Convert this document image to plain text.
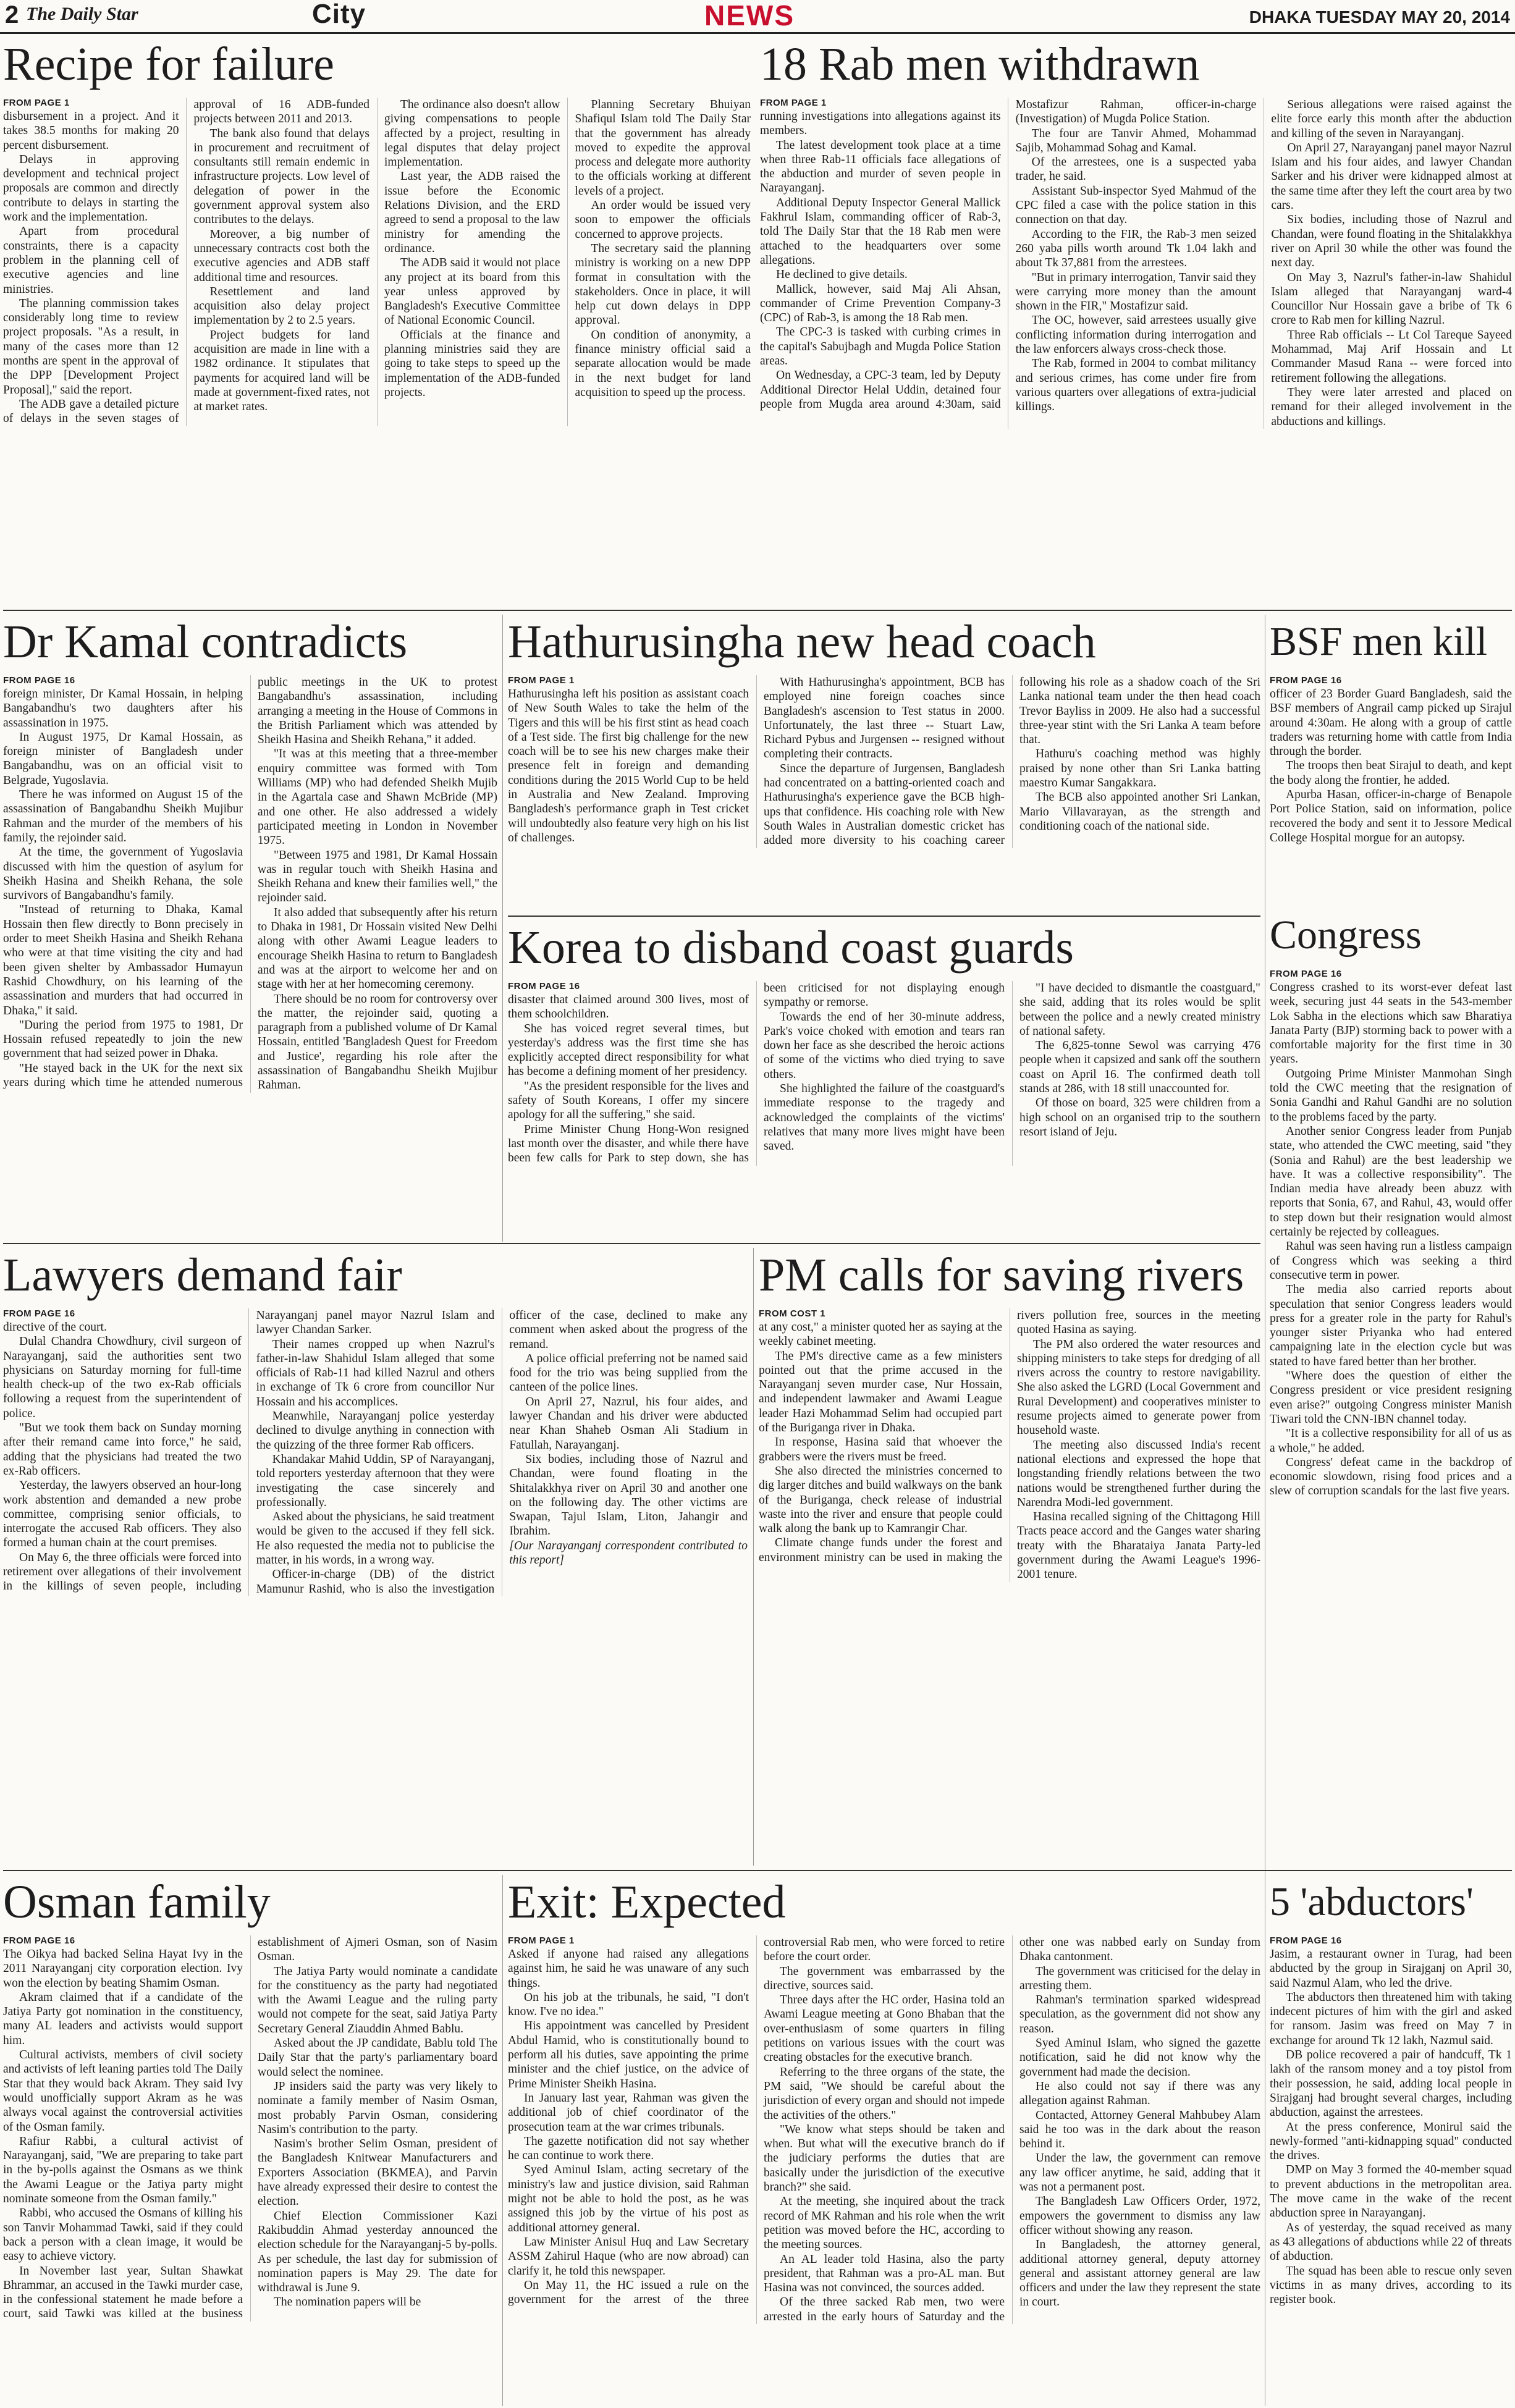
2 The Daily Star	City	NEWS	DHAKA TUESDAY MAY 20, 2014
Recipe for failure

FROM PAGE 1

disbursement in a project. And it takes 38.5 months for making 20 percent disbursement.

Delays in approving development and technical project proposals are common and directly contribute to delays in starting the work and the implementation.

Apart from procedural constraints, there is a capacity problem in the planning cell of executive agencies and line ministries.

The planning commission takes considerably long time to review project proposals. "As a result, in many of the cases more than 12 months are spent in the approval of the DPP [Development Project Proposal]," said the report.

The ADB gave a detailed picture of delays in the seven stages of approval of 16 ADB-funded projects between 2011 and 2013.

The bank also found that delays in procurement and recruitment of consultants still remain endemic in infrastructure projects. Low level of delegation of power in the government approval system also contributes to the delays.

Moreover, a big number of unnecessary contracts cost both the executive agencies and ADB staff additional time and resources.

Resettlement and land acquisition also delay project implementation by 2 to 2.5 years.

Project budgets for land acquisition are made in line with a 1982 ordinance. It stipulates that payments for acquired land will be made at government-fixed rates, not at market rates.

The ordinance also doesn't allow giving compensations to people affected by a project, resulting in legal disputes that delay project implementation.

Last year, the ADB raised the issue before the Economic Relations Division, and the ERD agreed to send a proposal to the law ministry for amending the ordinance.

The ADB said it would not place any project at its board from this year unless approved by Bangladesh's Executive Committee of National Economic Council.

Officials at the finance and planning ministries said they are going to take steps to speed up the implementation of the ADB-funded projects.

Planning Secretary Bhuiyan Shafiqul Islam told The Daily Star that the government has already moved to expedite the approval process and delegate more authority to the officials working at different levels of a project.

An order would be issued very soon to empower the officials concerned to approve projects.

The secretary said the planning ministry is working on a new DPP format in consultation with the stakeholders. Once in place, it will help cut down delays in DPP approval.

On condition of anonymity, a finance ministry official said a separate allocation would be made in the next budget for land acquisition to speed up the process.

18 Rab men withdrawn

FROM PAGE 1

running investigations into allegations against its members.

The latest development took place at a time when three Rab-11 officials face allegations of the abduction and murder of seven people in Narayanganj.

Additional Deputy Inspector General Mallick Fakhrul Islam, commanding officer of Rab-3, told The Daily Star that the 18 Rab men were attached to the headquarters over some allegations.

He declined to give details.

Mallick, however, said Maj Ali Ahsan, commander of Crime Prevention Company-3 (CPC) of Rab-3, is among the 18 Rab men.

The CPC-3 is tasked with curbing crimes in the capital's Sabujbagh and Mugda Police Station areas.

On Wednesday, a CPC-3 team, led by Deputy Additional Director Helal Uddin, detained four people from Mugda area around 4:30am, said Mostafizur Rahman, officer-in-charge (Investigation) of Mugda Police Station.

The four are Tanvir Ahmed, Mohammad Sajib, Mohammad Sohag and Kamal.

Of the arrestees, one is a suspected yaba trader, he said.

Assistant Sub-inspector Syed Mahmud of the CPC filed a case with the police station in this connection on that day.

According to the FIR, the Rab-3 men seized 260 yaba pills worth around Tk 1.04 lakh and about Tk 37,881 from the arrestees.

"But in primary interrogation, Tanvir said they were carrying more money than the amount shown in the FIR," Mostafizur said.

The OC, however, said arrestees usually give conflicting information during interrogation and the law enforcers always cross-check those.

The Rab, formed in 2004 to combat militancy and serious crimes, has come under fire from various quarters over allegations of extra-judicial killings.

Serious allegations were raised against the elite force early this month after the abduction and killing of the seven in Narayanganj.

On April 27, Narayanganj panel mayor Nazrul Islam and his four aides, and lawyer Chandan Sarker and his driver were kidnapped almost at the same time after they left the court area by two cars.

Six bodies, including those of Nazrul and Chandan, were found floating in the Shitalakkhya river on April 30 while the other was found the next day.

On May 3, Nazrul's father-in-law Shahidul Islam alleged that Narayanganj ward-4 Councillor Nur Hossain gave a bribe of Tk 6 crore to Rab men for killing Nazrul.

Three Rab officials -- Lt Col Tareque Sayeed Mohammad, Maj Arif Hossain and Lt Commander Masud Rana -- were forced into retirement following the allegations.

They were later arrested and placed on remand for their alleged involvement in the abductions and killings.

Dr Kamal contradicts

FROM PAGE 16

foreign minister, Dr Kamal Hossain, in helping Bangabandhu's two daughters after his assassination in 1975.

In August 1975, Dr Kamal Hossain, as foreign minister of Bangladesh under Bangabandhu, was on an official visit to Belgrade, Yugoslavia.

There he was informed on August 15 of the assassination of Bangabandhu Sheikh Mujibur Rahman and the murder of the members of his family, the rejoinder said.

At the time, the government of Yugoslavia discussed with him the question of asylum for Sheikh Hasina and Sheikh Rehana, the sole survivors of Bangabandhu's family.

"Instead of returning to Dhaka, Kamal Hossain then flew directly to Bonn precisely in order to meet Sheikh Hasina and Sheikh Rehana who were at that time visiting the city and had been given shelter by Ambassador Humayun Rashid Chowdhury, on his learning of the assassination and murders that had occurred in Dhaka," it said.

"During the period from 1975 to 1981, Dr Hossain refused repeatedly to join the new government that had seized power in Dhaka.

"He stayed back in the UK for the next six years during which time he attended numerous public meetings in the UK to protest Bangabandhu's assassination, including arranging a meeting in the House of Commons in the British Parliament which was attended by Sheikh Hasina and Sheikh Rehana," it added.

"It was at this meeting that a three-member enquiry committee was formed with Tom Williams (MP) who had defended Sheikh Mujib in the Agartala case and Shawn McBride (MP) and one other. He also addressed a widely participated meeting in London in November 1975.

"Between 1975 and 1981, Dr Kamal Hossain was in regular touch with Sheikh Hasina and Sheikh Rehana and knew their families well," the rejoinder said.

It also added that subsequently after his return to Dhaka in 1981, Dr Hossain visited New Delhi along with other Awami League leaders to encourage Sheikh Hasina to return to Bangladesh and was at the airport to welcome her and on stage with her at her homecoming ceremony.

There should be no room for controversy over the matter, the rejoinder said, quoting a paragraph from a published volume of Dr Kamal Hossain, entitled 'Bangladesh Quest for Freedom and Justice', regarding his role after the assassination of Bangabandhu Sheikh Mujibur Rahman.

Hathurusingha new head coach

FROM PAGE 1

Hathurusingha left his position as assistant coach of New South Wales to take the helm of the Tigers and this will be his first stint as head coach of a Test side. The first big challenge for the new coach will be to see his new charges make their presence felt in foreign and demanding conditions during the 2015 World Cup to be held in Australia and New Zealand. Improving Bangladesh's performance graph in Test cricket will undoubtedly also feature very high on his list of challenges.

With Hathurusingha's appointment, BCB has employed nine foreign coaches since Bangladesh's ascension to Test status in 2000. Unfortunately, the last three -- Stuart Law, Richard Pybus and Jurgensen -- resigned without completing their contracts.

Since the departure of Jurgensen, Bangladesh had concentrated on a batting-oriented coach and Hathurusingha's experience gave the BCB high-ups that confidence. His coaching role with New South Wales in Australian domestic cricket has added more diversity to his coaching career following his role as a shadow coach of the Sri Lanka national team under the then head coach Trevor Bayliss in 2009. He also had a successful three-year stint with the Sri Lanka A team before that.

Hathuru's coaching method was highly praised by none other than Sri Lanka batting maestro Kumar Sangakkara.

The BCB also appointed another Sri Lankan, Mario Villavarayan, as the strength and conditioning coach of the national side.

Korea to disband coast guards

FROM PAGE 16

disaster that claimed around 300 lives, most of them schoolchildren.

She has voiced regret several times, but yesterday's address was the first time she has explicitly accepted direct responsibility for what has become a defining moment of her presidency.

"As the president responsible for the lives and safety of South Koreans, I offer my sincere apology for all the suffering," she said.

Prime Minister Chung Hong-Won resigned last month over the disaster, and while there have been few calls for Park to step down, she has been criticised for not displaying enough sympathy or remorse.

Towards the end of her 30-minute address, Park's voice choked with emotion and tears ran down her face as she described the heroic actions of some of the victims who died trying to save others.

She highlighted the failure of the coastguard's immediate response to the tragedy and acknowledged the complaints of the victims' relatives that many more lives might have been saved.

"I have decided to dismantle the coastguard," she said, adding that its roles would be split between the police and a newly created ministry of national safety.

The 6,825-tonne Sewol was carrying 476 people when it capsized and sank off the southern coast on April 16. The confirmed death toll stands at 286, with 18 still unaccounted for.

Of those on board, 325 were children from a high school on an organised trip to the southern resort island of Jeju.

BSF men kill

FROM PAGE 16

officer of 23 Border Guard Bangladesh, said the BSF members of Angrail camp picked up Sirajul around 4:30am. He along with a group of cattle traders was returning home with cattle from India through the border.

The troops then beat Sirajul to death, and kept the body along the frontier, he added.

Apurba Hasan, officer-in-charge of Benapole Port Police Station, said on information, police recovered the body and sent it to Jessore Medical College Hospital morgue for an autopsy.

Congress

FROM PAGE 16

Congress crashed to its worst-ever defeat last week, securing just 44 seats in the 543-member Lok Sabha in the elections which saw Bharatiya Janata Party (BJP) storming back to power with a comfortable majority for the first time in 30 years.

Outgoing Prime Minister Manmohan Singh told the CWC meeting that the resignation of Sonia Gandhi and Rahul Gandhi are no solution to the problems faced by the party.

Another senior Congress leader from Punjab state, who attended the CWC meeting, said "they (Sonia and Rahul) are the best leadership we have. It was a collective responsibility". The Indian media have already been abuzz with reports that Sonia, 67, and Rahul, 43, would offer to step down but their resignation would almost certainly be rejected by colleagues.

Rahul was seen having run a listless campaign of Congress which was seeking a third consecutive term in power.

The media also carried reports about speculation that senior Congress leaders would press for a greater role in the party for Rahul's younger sister Priyanka who had entered campaigning late in the election cycle but was stated to have fared better than her brother.

"Where does the question of either the Congress president or vice president resigning even arise?" outgoing Congress minister Manish Tiwari told the CNN-IBN channel today.

"It is a collective responsibility for all of us as a whole," he added.

Congress' defeat came in the backdrop of economic slowdown, rising food prices and a slew of corruption scandals for the last five years.

Lawyers demand fair

FROM PAGE 16

directive of the court.

Dulal Chandra Chowdhury, civil surgeon of Narayanganj, said the authorities sent two physicians on Saturday morning for full-time health check-up of the two ex-Rab officials following a request from the superintendent of police.

"But we took them back on Sunday morning after their remand came into force," he said, adding that the physicians had treated the two ex-Rab officers.

Yesterday, the lawyers observed an hour-long work abstention and demanded a new probe committee, comprising senior officials, to interrogate the accused Rab officers. They also formed a human chain at the court premises.

On May 6, the three officials were forced into retirement over allegations of their involvement in the killings of seven people, including Narayanganj panel mayor Nazrul Islam and lawyer Chandan Sarker.

Their names cropped up when Nazrul's father-in-law Shahidul Islam alleged that some officials of Rab-11 had killed Nazrul and others in exchange of Tk 6 crore from councillor Nur Hossain and his accomplices.

Meanwhile, Narayanganj police yesterday declined to divulge anything in connection with the quizzing of the three former Rab officers.

Khandakar Mahid Uddin, SP of Narayanganj, told reporters yesterday afternoon that they were investigating the case sincerely and professionally.

Asked about the physicians, he said treatment would be given to the accused if they fell sick. He also requested the media not to publicise the matter, in his words, in a wrong way.

Officer-in-charge (DB) of the district Mamunur Rashid, who is also the investigation officer of the case, declined to make any comment when asked about the progress of the remand.

A police official preferring not be named said food for the trio was being supplied from the canteen of the police lines.

On April 27, Nazrul, his four aides, and lawyer Chandan and his driver were abducted near Khan Shaheb Osman Ali Stadium in Fatullah, Narayanganj.

Six bodies, including those of Nazrul and Chandan, were found floating in the Shitalakkhya river on April 30 and another one on the following day. The other victims are Swapan, Tajul Islam, Liton, Jahangir and Ibrahim.

[Our Narayanganj correspondent contributed to this report]

PM calls for saving rivers

FROM COST 1

at any cost," a minister quoted her as saying at the weekly cabinet meeting.

The PM's directive came as a few ministers pointed out that the prime accused in the Narayanganj seven murder case, Nur Hossain, and independent lawmaker and Awami League leader Hazi Mohammad Selim had occupied part of the Buriganga river in Dhaka.

In response, Hasina said that whoever the grabbers were the rivers must be freed.

She also directed the ministries concerned to dig larger ditches and build walkways on the bank of the Buriganga, check release of industrial waste into the river and ensure that people could walk along the bank up to Kamrangir Char.

Climate change funds under the forest and environment ministry can be used in making the rivers pollution free, sources in the meeting quoted Hasina as saying.

The PM also ordered the water resources and shipping ministers to take steps for dredging of all rivers across the country to restore navigability. She also asked the LGRD (Local Government and Rural Development) and cooperatives minister to resume projects aimed to generate power from household waste.

The meeting also discussed India's recent national elections and expressed the hope that longstanding friendly relations between the two nations would be strengthened further during the Narendra Modi-led government.

Hasina recalled signing of the Chittagong Hill Tracts peace accord and the Ganges water sharing treaty with the Bharataiya Janata Party-led government during the Awami League's 1996-2001 tenure.

Osman family

FROM PAGE 16

The Oikya had backed Selina Hayat Ivy in the 2011 Narayanganj city corporation election. Ivy won the election by beating Shamim Osman.

Akram claimed that if a candidate of the Jatiya Party got nomination in the constituency, many AL leaders and activists would support him.

Cultural activists, members of civil society and activists of left leaning parties told The Daily Star that they would back Akram. They said Ivy would unofficially support Akram as he was always vocal against the controversial activities of the Osman family.

Rafiur Rabbi, a cultural activist of Narayanganj, said, "We are preparing to take part in the by-polls against the Osmans as we think the Awami League or the Jatiya party might nominate someone from the Osman family."

Rabbi, who accused the Osmans of killing his son Tanvir Mohammad Tawki, said if they could back a person with a clean image, it would be easy to achieve victory.

In November last year, Sultan Shawkat Bhrammar, an accused in the Tawki murder case, in the confessional statement he made before a court, said Tawki was killed at the business establishment of Ajmeri Osman, son of Nasim Osman.

The Jatiya Party would nominate a candidate for the constituency as the party had negotiated with the Awami League and the ruling party would not compete for the seat, said Jatiya Party Secretary General Ziauddin Ahmed Bablu.

Asked about the JP candidate, Bablu told The Daily Star that the party's parliamentary board would select the nominee.

JP insiders said the party was very likely to nominate a family member of Nasim Osman, most probably Parvin Osman, considering Nasim's contribution to the party.

Nasim's brother Selim Osman, president of the Bangladesh Knitwear Manufacturers and Exporters Association (BKMEA), and Parvin have already expressed their desire to contest the election.

Chief Election Commissioner Kazi Rakibuddin Ahmad yesterday announced the election schedule for the Narayanganj-5 by-polls. As per schedule, the last day for submission of nomination papers is May 29. The date for withdrawal is June 9.

The nomination papers will be

Exit: Expected

FROM PAGE 1

Asked if anyone had raised any allegations against him, he said he was unaware of any such things.

On his job at the tribunals, he said, "I don't know. I've no idea."

His appointment was cancelled by President Abdul Hamid, who is constitutionally bound to perform all his duties, save appointing the prime minister and the chief justice, on the advice of Prime Minister Sheikh Hasina.

In January last year, Rahman was given the additional job of chief coordinator of the prosecution team at the war crimes tribunals.

The gazette notification did not say whether he can continue to work there.

Syed Aminul Islam, acting secretary of the ministry's law and justice division, said Rahman might not be able to hold the post, as he was assigned this job by the virtue of his post as additional attorney general.

Law Minister Anisul Huq and Law Secretary ASSM Zahirul Haque (who are now abroad) can clarify it, he told this newspaper.

On May 11, the HC issued a rule on the government for the arrest of the three controversial Rab men, who were forced to retire before the court order.

The government was embarrassed by the directive, sources said.

Three days after the HC order, Hasina told an Awami League meeting at Gono Bhaban that the over-enthusiasm of some quarters in filing petitions on various issues with the court was creating obstacles for the executive branch.

Referring to the three organs of the state, the PM said, "We should be careful about the jurisdiction of every organ and should not impede the activities of the others."

"We know what steps should be taken and when. But what will the executive branch do if the judiciary performs the duties that are basically under the jurisdiction of the executive branch?" she said.

At the meeting, she inquired about the track record of MK Rahman and his role when the writ petition was moved before the HC, according to the meeting sources.

An AL leader told Hasina, also the party president, that Rahman was a pro-AL man. But Hasina was not convinced, the sources added.

Of the three sacked Rab men, two were arrested in the early hours of Saturday and the other one was nabbed early on Sunday from Dhaka cantonment.

The government was criticised for the delay in arresting them.

Rahman's termination sparked widespread speculation, as the government did not show any reason.

Syed Aminul Islam, who signed the gazette notification, said he did not know why the government had made the decision.

He also could not say if there was any allegation against Rahman.

Contacted, Attorney General Mahbubey Alam said he too was in the dark about the reason behind it.

Under the law, the government can remove any law officer anytime, he said, adding that it was not a permanent post.

The Bangladesh Law Officers Order, 1972, empowers the government to dismiss any law officer without showing any reason.

In Bangladesh, the attorney general, additional attorney general, deputy attorney general and assistant attorney general are law officers and under the law they represent the state in court.

5 'abductors'

FROM PAGE 16

Jasim, a restaurant owner in Turag, had been abducted by the group in Sirajganj on April 30, said Nazmul Alam, who led the drive.

The abductors then threatened him with taking indecent pictures of him with the girl and asked for ransom. Jasim was freed on May 7 in exchange for around Tk 12 lakh, Nazmul said.

DB police recovered a pair of handcuff, Tk 1 lakh of the ransom money and a toy pistol from their possession, he said, adding local people in Sirajganj had brought several charges, including abduction, against the arrestees.

At the press conference, Monirul said the newly-formed "anti-kidnapping squad" conducted the drives.

DMP on May 3 formed the 40-member squad to prevent abductions in the metropolitan area. The move came in the wake of the recent abduction spree in Narayanganj.

As of yesterday, the squad received as many as 43 allegations of abductions while 22 of threats of abduction.

The squad has been able to rescue only seven victims in as many drives, according to its register book.
